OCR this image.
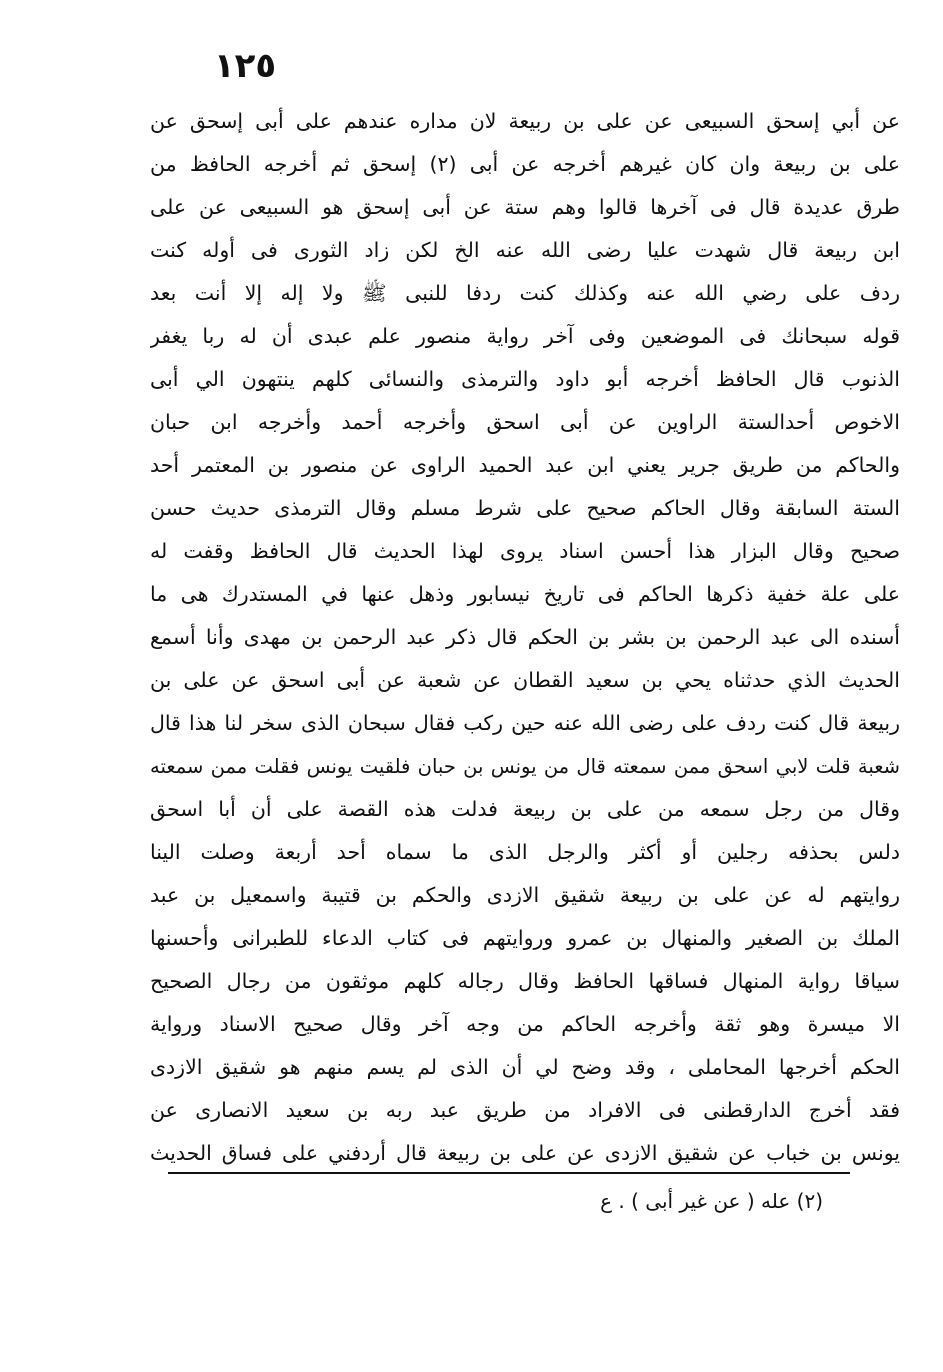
١٢٥
عن أبي إسحق السبيعى عن على بن ربيعة لان مداره عندهم على أبى إسحق عن
على بن ربيعة وان كان غيرهم أخرجه عن أبى (٢) إسحق ثم أخرجه الحافظ من
طرق عديدة قال فى آخرها قالوا وهم ستة عن أبى إسحق هو السبيعى عن على
ابن ربيعة قال شهدت عليا رضى الله عنه الخ لكن زاد الثورى فى أوله كنت
ردف على رضي الله عنه وكذلك كنت ردفا للنبى ﷺ ولا إله إلا أنت بعد
قوله سبحانك فى الموضعين وفى آخر رواية منصور علم عبدى أن له ربا يغفر
الذنوب قال الحافظ أخرجه أبو داود والترمذى والنسائى كلهم ينتهون الي أبى
الاخوص أحدالستة الراوين عن أبى اسحق وأخرجه أحمد وأخرجه ابن حبان
والحاكم من طريق جرير يعني ابن عبد الحميد الراوى عن منصور بن المعتمر أحد
الستة السابقة وقال الحاكم صحيح على شرط مسلم وقال الترمذى حديث حسن
صحيح وقال البزار هذا أحسن اسناد يروى لهذا الحديث قال الحافظ وقفت له
على علة خفية ذكرها الحاكم فى تاريخ نيسابور وذهل عنها في المستدرك هى ما
أسنده الى عبد الرحمن بن بشر بن الحكم قال ذكر عبد الرحمن بن مهدى وأنا أسمع
الحديث الذي حدثناه يحي بن سعيد القطان عن شعبة عن أبى اسحق عن على بن
ربيعة قال كنت ردف على رضى الله عنه حين ركب فقال سبحان الذى سخر لنا هذا قال
شعبة قلت لابي اسحق ممن سمعته قال من يونس بن حبان فلقيت يونس فقلت ممن سمعته
وقال من رجل سمعه من على بن ربيعة فدلت هذه القصة على أن أبا اسحق
دلس بحذفه رجلين أو أكثر والرجل الذى ما سماه أحد أربعة وصلت الينا
روايتهم له عن على بن ربيعة شقيق الازدى والحكم بن قتيبة واسمعيل بن عبد
الملك بن الصغير والمنهال بن عمرو وروايتهم فى كتاب الدعاء للطبرانى وأحسنها
سياقا رواية المنهال فساقها الحافظ وقال رجاله كلهم موثقون من رجال الصحيح
الا ميسرة وهو ثقة وأخرجه الحاكم من وجه آخر وقال صحيح الاسناد ورواية
الحكم أخرجها المحاملى ، وقد وضح لي أن الذى لم يسم منهم هو شقيق الازدى
فقد أخرج الدارقطنى فى الافراد من طريق عبد ربه بن سعيد الانصارى عن
يونس بن خباب عن شقيق الازدى عن على بن ربيعة قال أردفني على فساق الحديث
(٢) عله ( عن غير أبى ) . ع
